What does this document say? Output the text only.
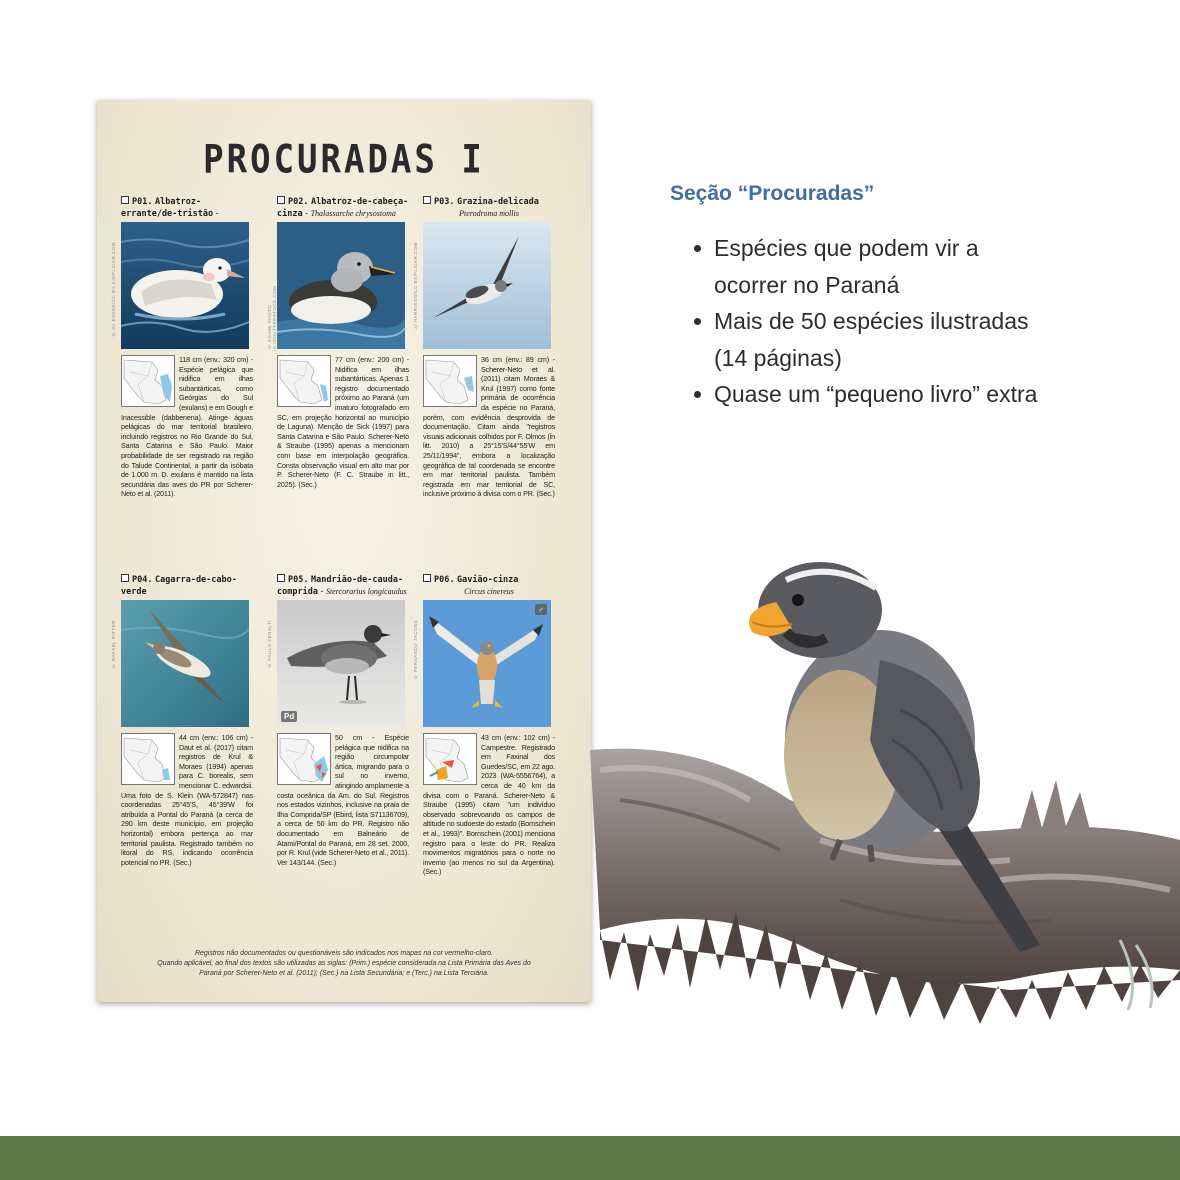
PROCURADAS I
P01. Albatroz-errante/de-tristão -
© DJ EVANS/CC BY 2.0/FLICKR.COM
118 cm (env.: 320 cm) - Espécie pelágica que nidifica em ilhas subantárticas, como Geórgias do Sul (exulans) e em Gough e Inacessible (dabbenena). Atinge águas pelágicas do mar territorial brasileiro, incluindo registros no Rio Grande do Sul, Santa Catarina e São Paulo. Maior probabilidade de ser registrado na região do Talude Continental, a partir da isóbata de 1.000 m. D. exulans é mantido na lista secundária das aves do PR por Scherer-Neto et al. (2011).
P02. Albatroz-de-cabeça-cinza - Thalassarche chrysostoma
© AGAMI PHOTO A./SHUTTERSTOCK.COM
77 cm (env.: 200 cm) - Nidifica em ilhas subantárticas. Apenas 1 registro documentado próximo ao Paraná (um imaturo fotografado em SC, em projeção horizontal ao município de Laguna). Menção de Sick (1997) para Santa Catarina e São Paulo. Scherer-Neto & Straube (1995) apenas a mencionam com base em interpolação geográfica. Consta observação visual em alto mar por P. Scherer-Neto (F. C. Straube in litt., 2025). (Sec.)
P03. Grazina-delicada

Pterodroma mollis
JJ HARRISON/CC BY/FLICKR.COM
36 cm (env.: 89 cm) - Scherer-Neto et al. (2011) citam Moraes & Krul (1997) como fonte primária de ocorrência da espécie no Paraná, porém, com evidência desprovida de documentação. Citam ainda "registros visuais adicionais colhidos por F. Olmos (in litt. 2010) a 25°15'S/44°55'W em 25/11/1994", embora a localização geográfica de tal coordenada se encontre em mar territorial paulista. Também registrada em mar territorial de SC, inclusive próximo à divisa com o PR. (Sec.)
P04. Cagarra-de-cabo-verde

© RAFAEL RITTER
44 cm (env.: 106 cm) - Daut et al. (2017) citam registros de Krul & Moraes (1994) apenas para C. borealis, sem mencionar C. edwardsii. Uma foto de S. Klein (WA-572847) nas coordenadas 25°45'S, 45°39'W foi atribuída a Pontal do Paraná (a cerca de 290 km deste município, em projeção horizontal) embora pertença ao mar territorial paulista. Registrado também no litoral do RS, indicando ocorrência potencial no PR. (Sec.)
P05. Mandrião-de-cauda-comprida - Stercorarius longicaudus
© PAULO FENALTI
Pd
50 cm - Espécie pelágica que nidifica na região circumpolar ártica, migrando para o sul no inverno, atingindo amplamente a costa oceânica da Am. do Sul. Registros nos estados vizinhos, inclusive na praia de Ilha Comprida/SP (Ebird, lista S71136709), a cerca de 50 km do PR. Registro não documentado em Balneário de Atami/Pontal do Paraná, em 28 set. 2000, por R. Krul (vide Scherer-Neto et al., 2011). Ver 143/144. (Sec.)
P06. Gavião-cinza

Circus cinereus
© FERNANDO JACOBS
♂
43 cm (env.: 102 cm) - Campestre. Registrado em Faxinal dos Guedes/SC, em 22 ago. 2023 (WA-5556764), a cerca de 40 km da divisa com o Paraná. Scherer-Neto & Straube (1995) citam "um indivíduo observado sobrevoando os campos de altitude no sudoeste do estado (Bornschein et al., 1993)". Bornschein (2001) menciona registro para o leste do PR. Realiza movimentos migratórios para o norte no inverno (ao menos no sul da Argentina). (Sec.)
Registros não documentados ou questionáveis são indicados nos mapas na cor vermelho-claro.
Quando aplicável, ao final dos textos são utilizadas as siglas: (Prim.) espécie considerada na Lista Primária das Aves do
Paraná por Scherer-Neto et al. (2011); (Sec.) na Lista Secundária; e (Terc.) na Lista Terciária.
Seção “Procuradas”
Espécies que podem vir a ocorrer no Paraná
Mais de 50 espécies ilustradas (14 páginas)
Quase um “pequeno livro” extra
